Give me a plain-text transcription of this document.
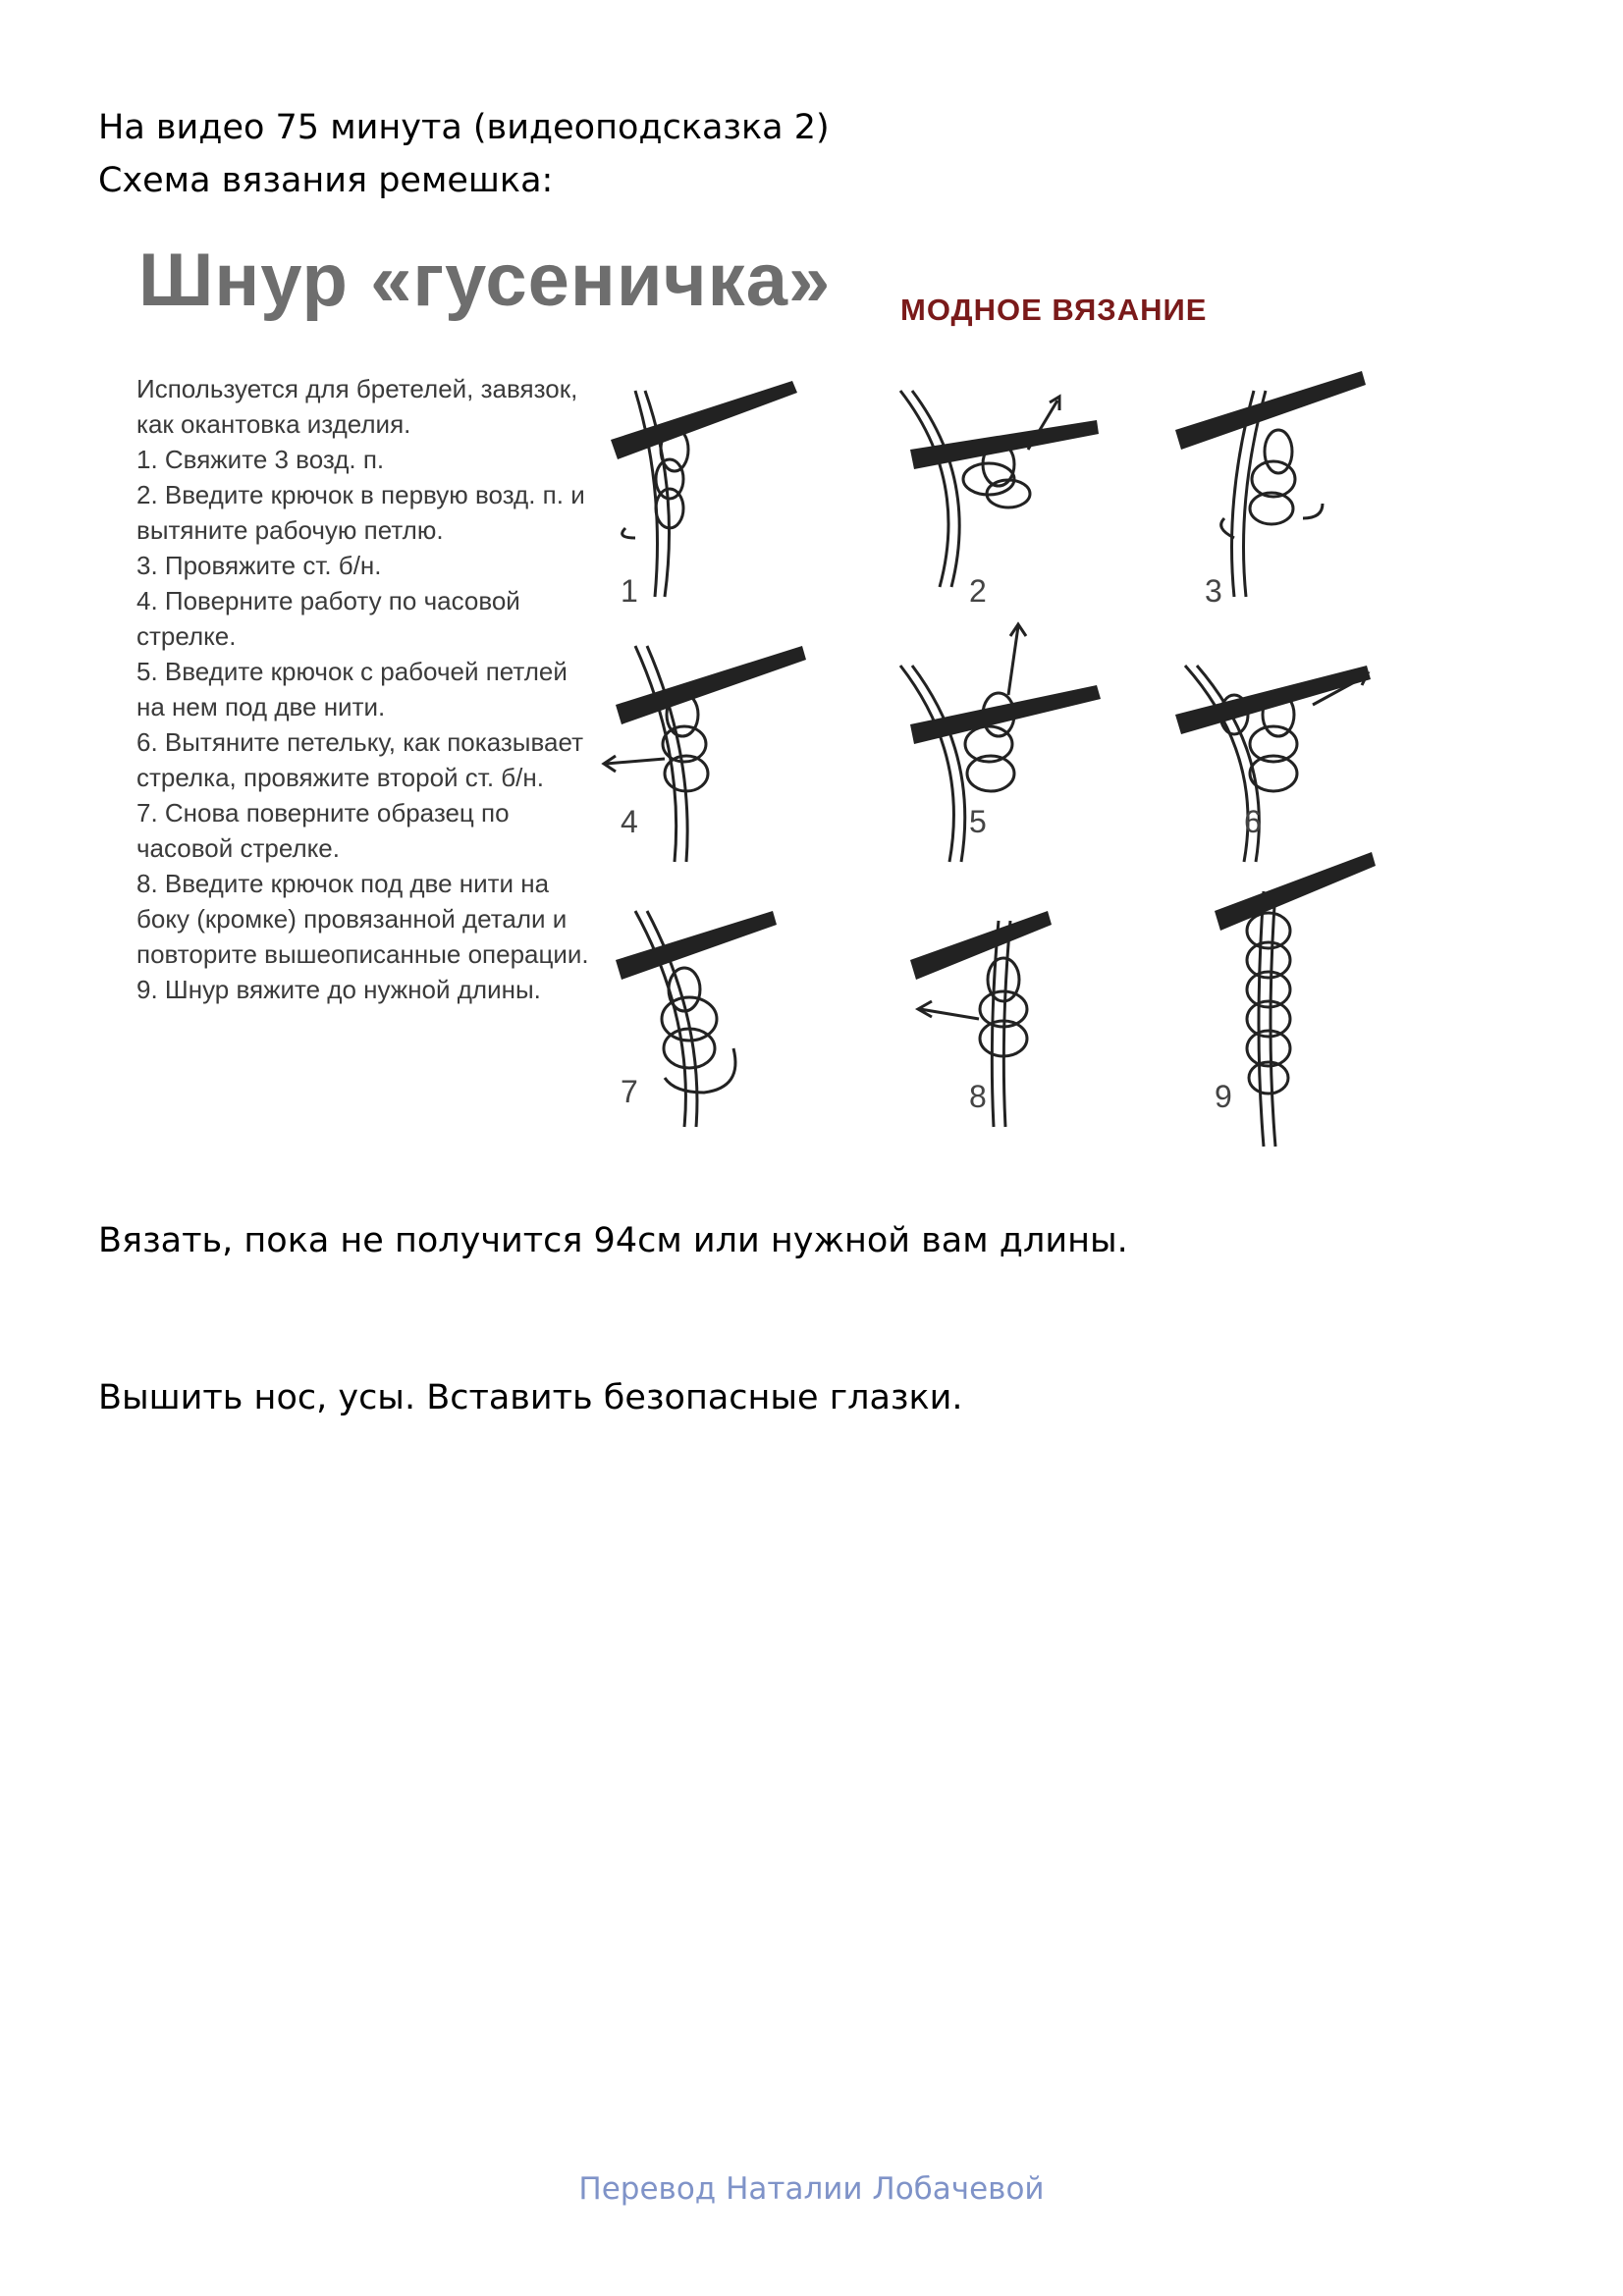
На видео 75 минута (видеоподсказка 2)
Схема вязания ремешка:
Шнур «гусеничка» МОДНОЕ ВЯЗАНИЕ

Используется для бретелей, завязок, как окантовка изделия.

1. Свяжите 3 возд. п.

2. Введите крючок в первую возд. п. и вытяните рабочую петлю.

3. Провяжите ст. б/н.

4. Поверните работу по часовой стрелке.

5. Введите крючок с рабочей петлей на нем под две нити.

6. Вытяните петельку, как показывает стрелка, провяжите второй ст. б/н.

7. Снова поверните образец по часовой стрелке.

8. Введите крючок под две нити на боку (кромке) провязанной детали и повторите вышеописанные операции.

9. Шнур вяжите до нужной длины.

1	2	3
4	5	6
7	8	9
Вязать, пока не получится 94см или нужной вам длины.
Вышить нос, усы. Вставить безопасные глазки.
Перевод Наталии Лобачевой
